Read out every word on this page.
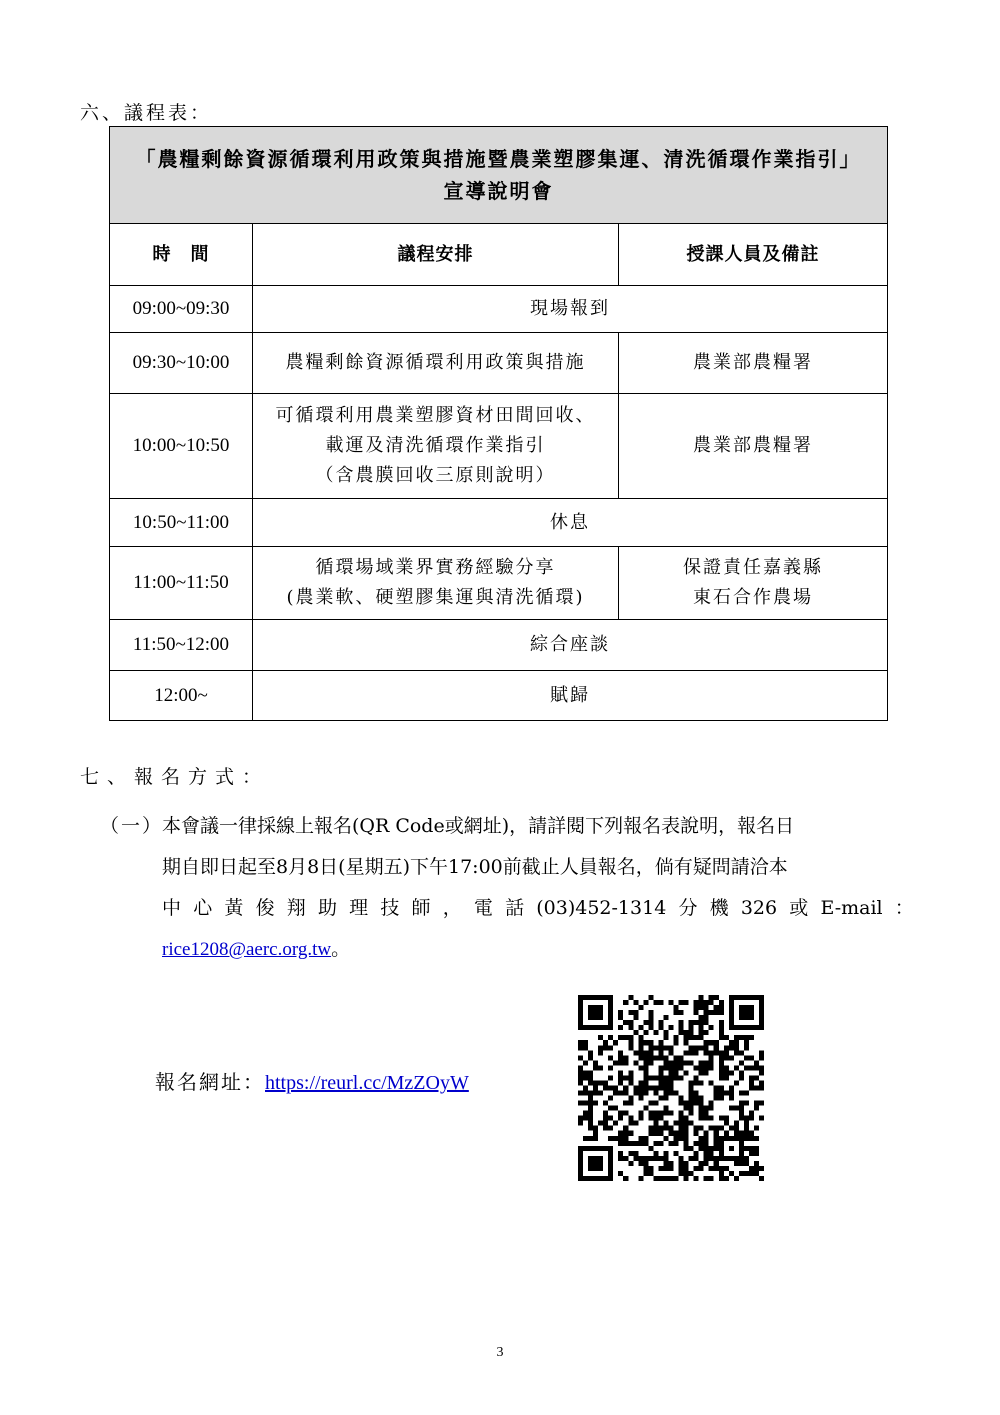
六、議程表：
「農糧剩餘資源循環利用政策與措施暨農業塑膠集運、清洗循環作業指引」
宣導說明會		

時　間	議程安排	授課人員及備註
09:00~09:30	現場報到	
09:30~10:00	農糧剩餘資源循環利用政策與措施	農業部農糧署
10:00~10:50	可循環利用農業塑膠資材田間回收、
載運及清洗循環作業指引
（含農膜回收三原則說明）	農業部農糧署
10:50~11:00	休息	
11:00~11:50	循環場域業界實務經驗分享
(農業軟、硬塑膠集運與清洗循環)	保證責任嘉義縣
東石合作農場

11:50~12:00	綜合座談	
12:00~	賦歸	
七、報名方式：
（一）本會議一律採線上報名(QR Code或網址)，請詳閱下列報名表說明，報名日
期自即日起至8月8日(星期五)下午17:00前截止人員報名，倘有疑問請洽本
中 心 黃 俊 翔 助 理 技 師 ， 電 話 (03)452-1314 分 機 326 或 E-mail ：
rice1208@aerc.org.tw。
報名網址：https://reurl.cc/MzZOyW
3
